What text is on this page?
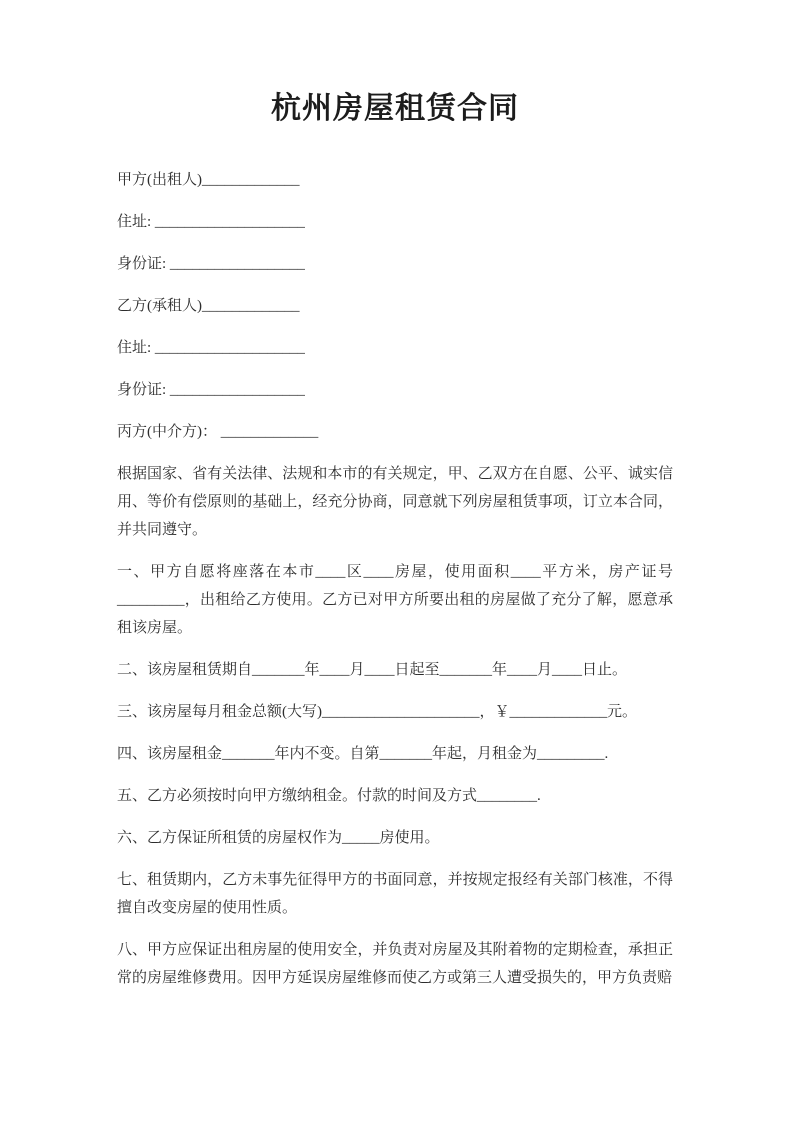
杭州房屋租赁合同

甲方(出租人)_____________

住址: ____________________

身份证: __________________

乙方(承租人)_____________

住址: ____________________

身份证: __________________

丙方(中介方)： _____________

根据国家、省有关法律、法规和本市的有关规定，甲、乙双方在自愿、公平、诚实信用、等价有偿原则的基础上，经充分协商，同意就下列房屋租赁事项，订立本合同，并共同遵守。

一、甲方自愿将座落在本市____区____房屋，使用面积____平方米，房产证号_________，出租给乙方使用。乙方已对甲方所要出租的房屋做了充分了解，愿意承租该房屋。

二、该房屋租赁期自_______年____月____日起至_______年____月____日止。

三、该房屋每月租金总额(大写)_____________________，￥_____________元。

四、该房屋租金_______年内不变。自第_______年起，月租金为_________.

五、乙方必须按时向甲方缴纳租金。付款的时间及方式________.

六、乙方保证所租赁的房屋权作为_____房使用。

七、租赁期内，乙方未事先征得甲方的书面同意，并按规定报经有关部门核准，不得擅自改变房屋的使用性质。

八、甲方应保证出租房屋的使用安全，并负责对房屋及其附着物的定期检查，承担正常的房屋维修费用。因甲方延误房屋维修而使乙方或第三人遭受损失的，甲方负责赔
